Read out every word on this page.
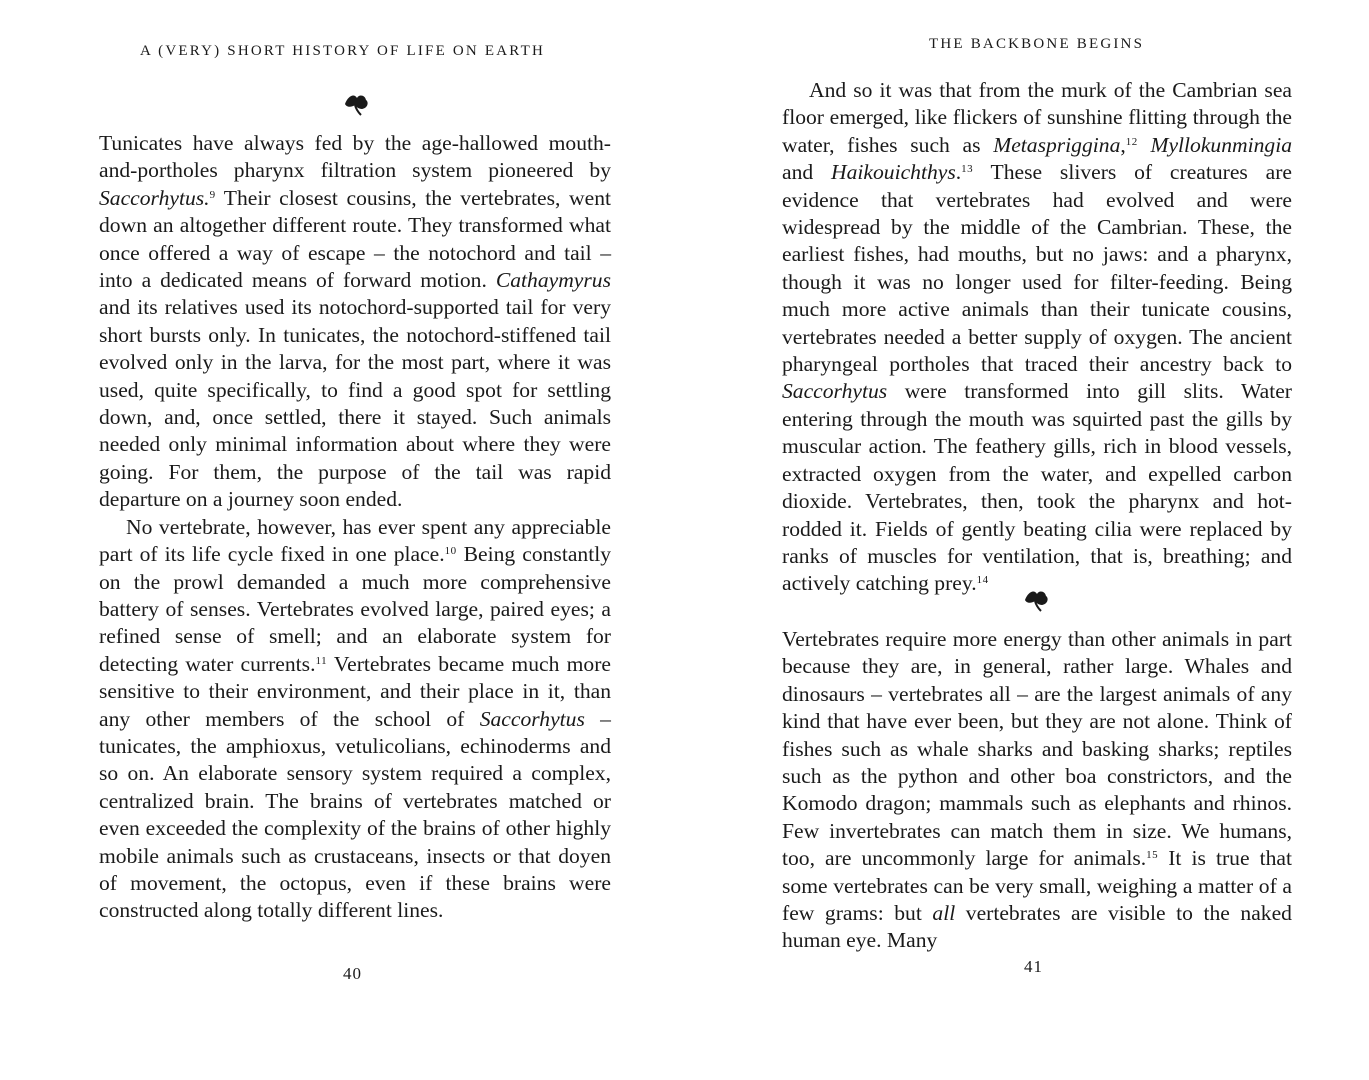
A (VERY) SHORT HISTORY OF LIFE ON EARTH

Tunicates have always fed by the age-hallowed mouth-and-portholes pharynx filtration system pioneered by Saccorhytus.$^9$ Their closest cousins, the vertebrates, went down an altogether different route. They transformed what once offered a way of escape – the notochord and tail – into a dedicated means of forward motion. Cathaymyrus and its relatives used its notochord-supported tail for very short bursts only. In tunicates, the notochord-stiffened tail evolved only in the larva, for the most part, where it was used, quite specifically, to find a good spot for settling down, and, once settled, there it stayed. Such animals needed only minimal information about where they were going. For them, the purpose of the tail was rapid departure on a journey soon ended.

No vertebrate, however, has ever spent any appreciable part of its life cycle fixed in one place.$^{10}$ Being constantly on the prowl demanded a much more comprehensive battery of senses. Vertebrates evolved large, paired eyes; a refined sense of smell; and an elaborate system for detecting water currents.$^{11}$ Vertebrates became much more sensitive to their environment, and their place in it, than any other members of the school of Saccorhytus – tunicates, the amphioxus, vetulicolians, echinoderms and so on. An elaborate sensory system required a complex, centralized brain. The brains of vertebrates matched or even exceeded the complexity of the brains of other highly mobile animals such as crustaceans, insects or that doyen of movement, the octopus, even if these brains were constructed along totally different lines.

40
THE BACKBONE BEGINS

And so it was that from the murk of the Cambrian sea floor emerged, like flickers of sunshine flitting through the water, fishes such as Metaspriggina,$^{12}$ Myllokunmingia and Haikouichthys.$^{13}$ These slivers of creatures are evidence that vertebrates had evolved and were widespread by the middle of the Cambrian. These, the earliest fishes, had mouths, but no jaws: and a pharynx, though it was no longer used for filter-feeding. Being much more active animals than their tunicate cousins, vertebrates needed a better supply of oxygen. The ancient pharyngeal portholes that traced their ancestry back to Saccorhytus were transformed into gill slits. Water entering through the mouth was squirted past the gills by muscular action. The feathery gills, rich in blood vessels, extracted oxygen from the water, and expelled carbon dioxide. Vertebrates, then, took the pharynx and hot-rodded it. Fields of gently beating cilia were replaced by ranks of muscles for ventilation, that is, breathing; and actively catching prey.$^{14}$

Vertebrates require more energy than other animals in part because they are, in general, rather large. Whales and dinosaurs – vertebrates all – are the largest animals of any kind that have ever been, but they are not alone. Think of fishes such as whale sharks and basking sharks; reptiles such as the python and other boa constrictors, and the Komodo dragon; mammals such as elephants and rhinos. Few invertebrates can match them in size. We humans, too, are uncommonly large for animals.$^{15}$ It is true that some vertebrates can be very small, weighing a matter of a few grams: but all vertebrates are visible to the naked human eye. Many

41
